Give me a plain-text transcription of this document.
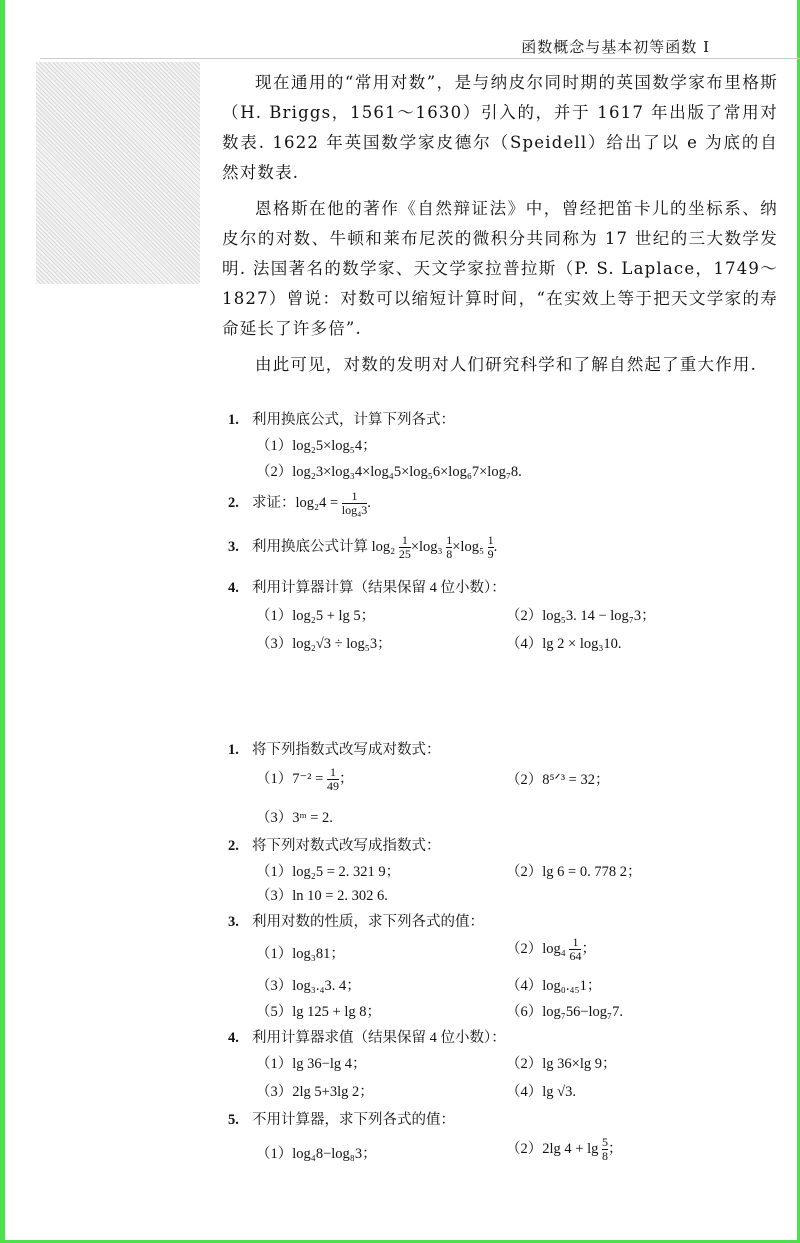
函数概念与基本初等函数 I

现在通用的“常用对数”，是与纳皮尔同时期的英国数学家布里格斯（H. Briggs，1561～1630）引入的，并于 1617 年出版了常用对数表. 1622 年英国数学家皮德尔（Speidell）给出了以 e 为底的自然对数表.

恩格斯在他的著作《自然辩证法》中，曾经把笛卡儿的坐标系、纳皮尔的对数、牛顿和莱布尼茨的微积分共同称为 17 世纪的三大数学发明. 法国著名的数学家、天文学家拉普拉斯（P. S. Laplace，1749～1827）曾说：对数可以缩短计算时间，“在实效上等于把天文学家的寿命延长了许多倍”.

由此可见，对数的发明对人们研究科学和了解自然起了重大作用.

1. 利用换底公式，计算下列各式：
（1）log₂5×log₅4；
（2）log₂3×log₃4×log₄5×log₅6×log₆7×log₇8.
2. 求证：$\log_24 = \frac{1}{\text{log₄3}}$ .
3. 利用换底公式计算 $\log_2 \frac{1}{25} \times\log_3 \frac{1}{8} \times\log_5 \frac{1}{9}$ .
4. 利用计算器计算（结果保留 4 位小数）：
（1）log₂5 + lg 5；	（2）log₅3. 14 − log₇3；
（3）log₂√3 ÷ log₅3；	（4）lg 2 × log₃10.
1. 将下列指数式改写成对数式：
$(1)7^{-2} = \frac{1}{49}$ ；	（2）8⁵ᐟ³ = 32；
（3）3ᵐ = 2.
2. 将下列对数式改写成指数式：
（1）log₂5 = 2. 321 9；	（2）lg 6 = 0. 778 2；
（3）ln 10 = 2. 302 6.
3. 利用对数的性质，求下列各式的值：
（1）log₃81；	$(2)\log_4 \frac{1}{64}$ ；
（3）log₃.₄3. 4；	（4）log₀.₄₅1；
（5）lg 125 + lg 8；	（6）log₇56−log₇7.
4. 利用计算器求值（结果保留 4 位小数）：
（1）lg 36−lg 4；	（2）lg 36×lg 9；
（3）2lg 5+3lg 2；	（4）lg √3.
5. 不用计算器，求下列各式的值：
（1）log₄8−log₈3；	（2）2lg $4 + \lg \frac{5}{8}$ ；
